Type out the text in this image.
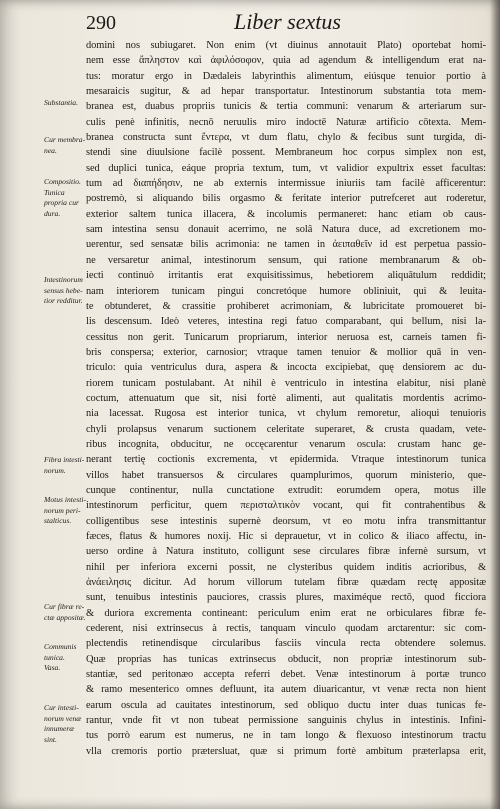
290	Liber sextus
Substantia.
Cur membra-
nea.
Compositio.
Tunica
propria cur
dura.
Intestinorum
sensus hebe-
tior redditur.
Fibra intesti-
norum.
Motus intesti-
norum peri-
stalticus.
Cur fibræ re-
ctæ appositæ.
Communis
tunica.
Vasa.
Cur intesti-
norum venæ
innumeræ
sint.
domini nos subiugaret. Non enim (vt diuinus annotauit Plato) oportebat homi-
nem esse ἄπληστον καὶ ἀφιλόσοφον, quia ad agendum & intelligendum erat na-
tus: moratur ergo in Dædaleis labyrinthis alimentum, eiúsque tenuior portio à
mesaraicis sugitur, & ad hepar transportatur. Intestinorum substantia tota mem-
branea est, duabus propriis tunicis & tertia communi: venarum & arteriarum sur-
culis penè infinitis, necnō neruulis miro indoctē Naturæ artificio cōtexta. Mem-
branea constructa sunt ἔντερα, vt dum flatu, chylo & fecibus sunt turgida, di-
stendi sine diuulsione facilè possent. Membraneum hoc corpus simplex non est,
sed duplici tunica, eáque propria textum, tum, vt validior expultrix esset facultas:
tum ad διαπήδησιν, ne ab externis intermissue iniuriis tam facilè afficerentur:
postremò, si aliquando bilis orgasmo & feritate interior putrefceret aut roderetur,
exterior saltem tunica illacera, & incolumis permaneret: hanc etiam ob caus-
sam intestina sensu donauit acerrimo, ne solâ Natura duce, ad excretionem mo-
uerentur, sed sensatæ bilis acrimonia: ne tamen in ἀειπαθεῖν id est perpetua passio-
ne versaretur animal, intestinorum sensum, qui ratione membranarum & ob-
iecti continuò irritantis erat exquisitissimus, hebetiorem aliquātulum reddidit;
nam interiorem tunicam pingui concretóque humore obliniuit, qui & leuita-
te obtunderet, & crassitie prohiberet acrimoniam, & lubricitate promoueret bi-
lis descensum. Ideò veteres, intestina regi fatuo comparabant, qui bellum, nisi la-
cessitus non gerit. Tunicarum propriarum, interior neruosa est, carneis tamen fi-
bris conspersa; exterior, carnosior; vtraque tamen tenuior & mollior quā in ven-
triculo: quia ventriculus dura, aspera & incocta excipiebat, quę densiorem ac du-
riorem tunicam postulabant. At nihil è ventriculo in intestina elabitur, nisi planè
coctum, attenuatum que sit, nisi fortè alimenti, aut qualitatis mordentis acrimo-
nia lacessat. Rugosa est interior tunica, vt chylum remoretur, alioqui tenuioris
chyli prolapsus venarum suctionem celeritate superaret, & crusta quadam, vete-
ribus incognita, obducitur, ne occęcarentur venarum oscula: crustam hanc ge-
nerant tertię coctionis excrementa, vt epidermida. Vtraque intestinorum tunica
villos habet transuersos & circulares quamplurimos, quorum ministerio, que-
cunque continentur, nulla cunctatione extrudit: eorumdem opera, motus ille
intestinorum perficitur, quem περισταλτικὸν vocant, qui fit contrahentibus &
colligentibus sese intestinis supernè deorsum, vt eo motu infra transmittantur
fæces, flatus & humores noxij. Hic si deprauetur, vt in colico & iliaco affectu, in-
uerso ordine à Natura instituto, colligunt sese circulares fibræ infernè sursum, vt
nihil per inferiora excerni possit, ne clysteribus quidem inditis acrioribus, &
ἀνάειλησις dicitur. Ad horum villorum tutelam fibræ quædam rectę appositæ
sunt, tenuibus intestinis pauciores, crassis plures, maximéque rectō, quod ficciora
& duriora excrementa contineant: periculum enim erat ne orbiculares fibræ fe-
cederent, nisi extrinsecus à rectis, tanquam vinculo quodam arctarentur: sic com-
plectendis retinendisque circularibus fasciis vincula recta obtendere solemus.
Quæ proprias has tunicas extrinsecus obducit, non propriæ intestinorum sub-
stantiæ, sed peritonæo accepta referri debet. Venæ intestinorum à portæ trunco
& ramo mesenterico omnes defluunt, ita autem diuaricantur, vt venæ recta non hient
earum oscula ad cauitates intestinorum, sed obliquo ductu inter duas tunicas fe-
rantur, vnde fit vt non tubeat permissione sanguinis chylus in intestinis. Infini-
tus porrò earum est numerus, ne in tam longo & flexuoso intestinorum tractu
vlla cremoris portio prætersluat, quæ si primum fortè ambitum præterlapsa erit,
